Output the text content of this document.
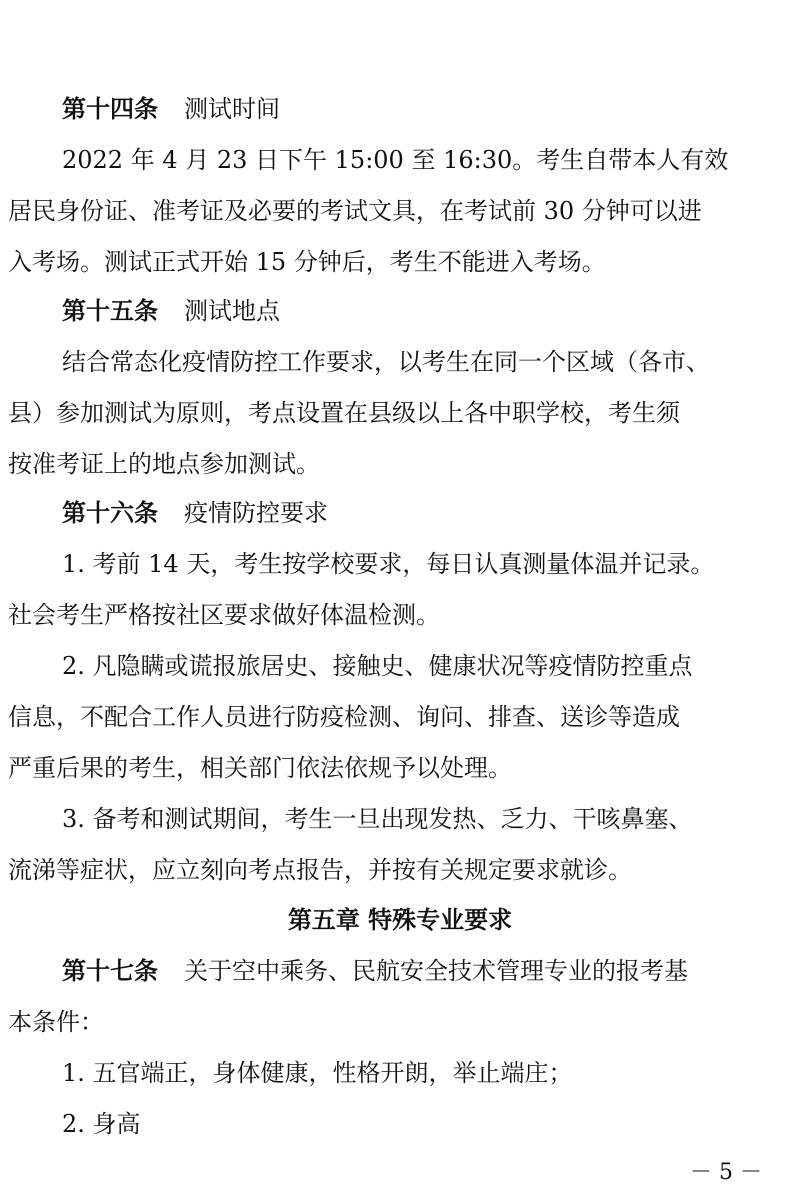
第十四条 测试时间
2022 年 4 月 23 日下午 15:00 至 16:30。考生自带本人有效
居民身份证、准考证及必要的考试文具，在考试前 30 分钟可以进
入考场。测试正式开始 15 分钟后，考生不能进入考场。
第十五条 测试地点
结合常态化疫情防控工作要求，以考生在同一个区域（各市、
县）参加测试为原则，考点设置在县级以上各中职学校，考生须
按准考证上的地点参加测试。
第十六条 疫情防控要求
1. 考前 14 天，考生按学校要求，每日认真测量体温并记录。
社会考生严格按社区要求做好体温检测。
2. 凡隐瞒或谎报旅居史、接触史、健康状况等疫情防控重点
信息，不配合工作人员进行防疫检测、询问、排查、送诊等造成
严重后果的考生，相关部门依法依规予以处理。
3. 备考和测试期间，考生一旦出现发热、乏力、干咳鼻塞、
流涕等症状，应立刻向考点报告，并按有关规定要求就诊。
第五章 特殊专业要求
第十七条 关于空中乘务、民航安全技术管理专业的报考基
本条件：
1. 五官端正，身体健康，性格开朗，举止端庄；
2. 身高
－ 5 －
